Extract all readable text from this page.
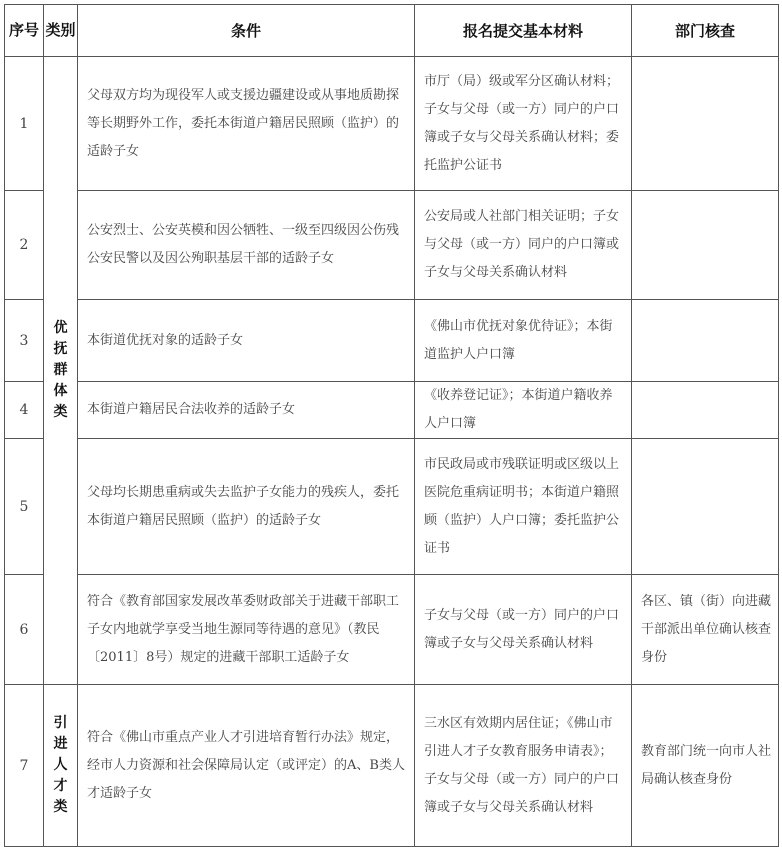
序号	类别	条件	报名提交基本材料	部门核查
1	优抚群体类	父母双方均为现役军人或支援边疆建设或从事地质勘探等长期野外工作，委托本街道户籍居民照顾（监护）的适龄子女	市厅（局）级或军分区确认材料；子女与父母（或一方）同户的户口簿或子女与父母关系确认材料；委托监护公证书	
2		公安烈士、公安英模和因公牺牲、一级至四级因公伤残公安民警以及因公殉职基层干部的适龄子女	公安局或人社部门相关证明；子女与父母（或一方）同户的户口簿或子女与父母关系确认材料	
3		本街道优抚对象的适龄子女	《佛山市优抚对象优待证》；本街道监护人户口簿	
4		本街道户籍居民合法收养的适龄子女	《收养登记证》；本街道户籍收养人户口簿	
5		父母均长期患重病或失去监护子女能力的残疾人，委托本街道户籍居民照顾（监护）的适龄子女	市民政局或市残联证明或区级以上医院危重病证明书；本街道户籍照顾（监护）人户口簿；委托监护公证书	
6		符合《教育部国家发展改革委财政部关于进藏干部职工子女内地就学享受当地生源同等待遇的意见》（教民〔2011〕8号）规定的进藏干部职工适龄子女	子女与父母（或一方）同户的户口簿或子女与父母关系确认材料	各区、镇（街）向进藏干部派出单位确认核查身份
7	引进人才类	符合《佛山市重点产业人才引进培育暂行办法》规定，经市人力资源和社会保障局认定（或评定）的A、B类人才适龄子女	三水区有效期内居住证；《佛山市引进人才子女教育服务申请表》；子女与父母（或一方）同户的户口簿或子女与父母关系确认材料	教育部门统一向市人社局确认核查身份
